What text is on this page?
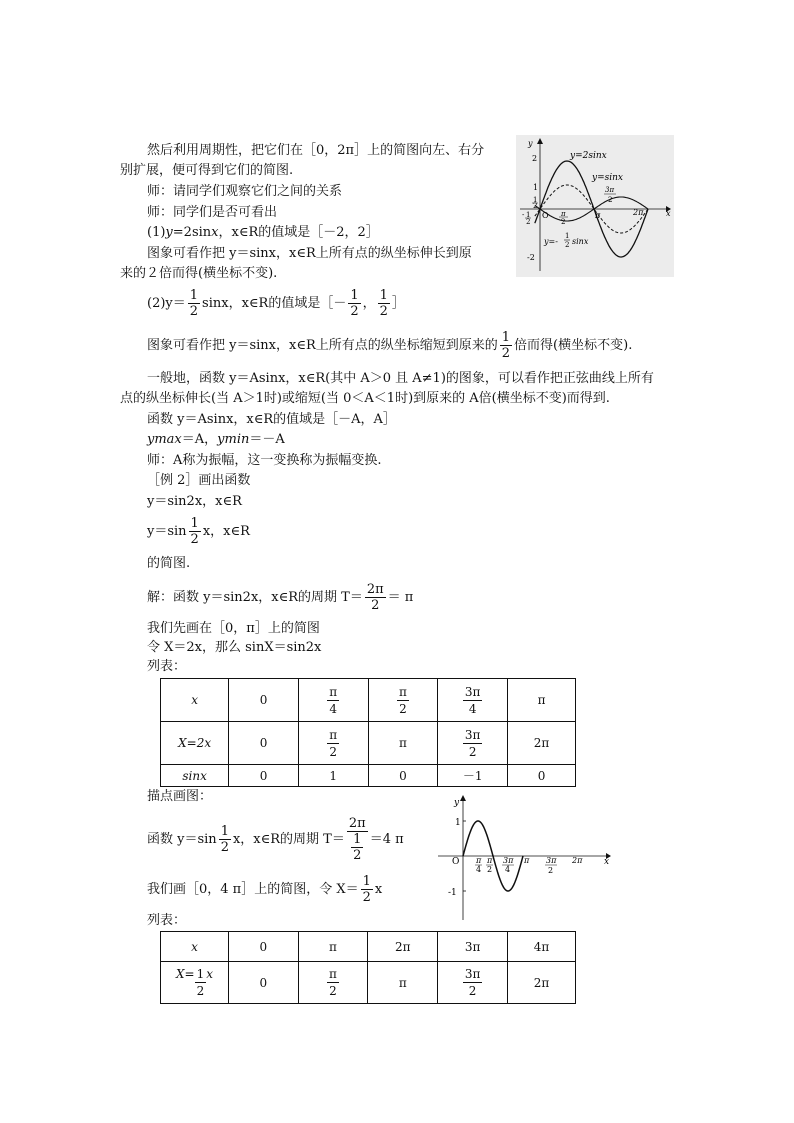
然后利用周期性，把它们在［0，2π］上的简图向左、右分
别扩展，便可得到它们的简图.
师：请同学们观察它们之间的关系
师：同学们是否可看出
(1)y=2sinx，x∈R的值域是［－2，2］
图象可看作把 y＝sinx，x∈R上所有点的纵坐标伸长到原
来的２倍而得(横坐标不变).
$(2)y= \frac{1}{2}$ sinx，x∈R的值域是［－ $\frac{1}{2}$ ， $\frac{1}{2}$ ］
图象可看作把 y＝sinx，x∈R上所有点的纵坐标缩短到原来的 $\frac{1}{2}$ 倍而得(横坐标不变).
一般地，函数 y＝Asinx，x∈R(其中 A＞0 且 A≠1)的图象，可以看作把正弦曲线上所有
点的纵坐标伸长(当 A＞1时)或缩短(当 0＜A＜1时)到原来的 A倍(横坐标不变)而得到.
函数 y＝Asinx，x∈R的值域是［－A，A］
ymax＝A，ymin＝－A
师：A称为振幅，这一变换称为振幅变换.
［例 2］画出函数
y＝sin2x，x∈R
$y=\sin \frac{1}{2}$ x，x∈R
的简图.
解：函数 y＝sin2x，x∈R的周期 $T= \frac{2\pi}{2} = \pi$
我们先画在［0，π］上的简图
令 X＝2x，那么 sinX＝sin2x
列表：
x	0	$\frac{\pi}{4}$	$\frac{\pi}{2}$	$\frac{3\pi}{4}$	π
X=2x	0	$\frac{\pi}{2}$	π	$\frac{3\pi}{2}$	2π
sinx	0	1	0	－1	0
描点画图：
函数 $y=\sin \frac{1}{2}$ x，x∈R的周期 $T= \frac{2\pi}{\frac{1}{2}} =4$ π
我们画［0，4 π］上的简图，令 $X= \frac{1}{2}$ x
列表：
x	0	π	2π	3π	4π
$X= \frac{1}{2}$ x	0	$\frac{\pi}{2}$	π	$\frac{3\pi}{2}$	2π
y
x
y=2sinx
y=sinx
y=-
1
2 sinx
2
-2
1
1
2
- 1
2
O π
2
π
3π
2
2π
y
x
1
-1
O π
4
π
2
3π
4
π 3π
2
2π
